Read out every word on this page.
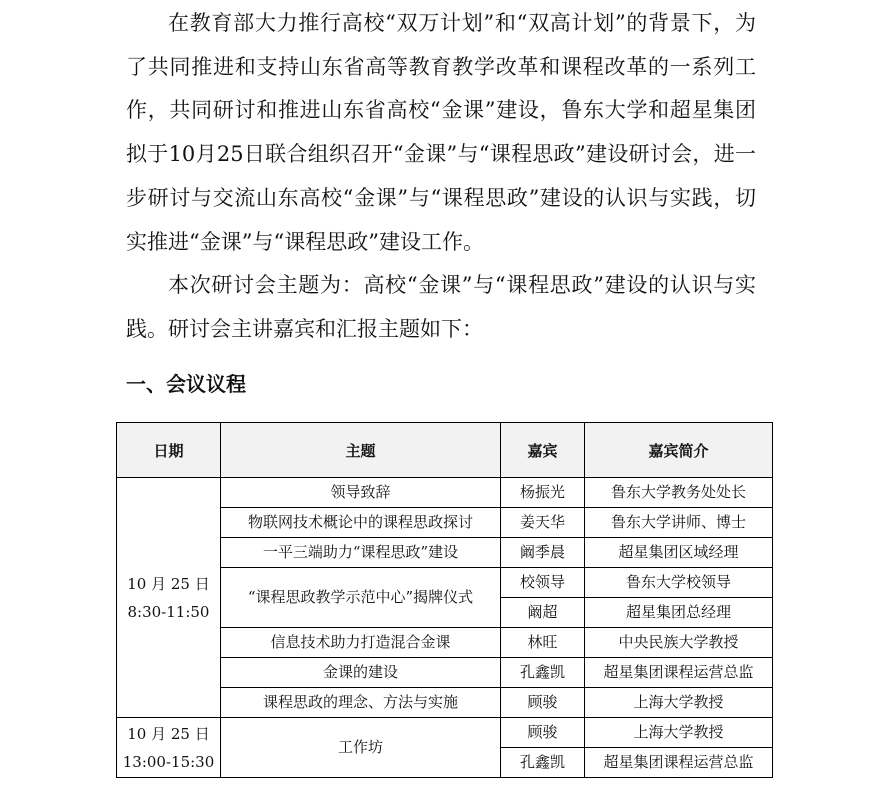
在教育部大力推行高校“双万计划”和“双高计划”的背景下，为了共同推进和支持山东省高等教育教学改革和课程改革的一系列工作，共同研讨和推进山东省高校“金课”建设，鲁东大学和超星集团拟于10月25日联合组织召开“金课”与“课程思政”建设研讨会，进一步研讨与交流山东高校“金课”与“课程思政”建设的认识与实践，切实推进“金课”与“课程思政”建设工作。

本次研讨会主题为：高校“金课”与“课程思政”建设的认识与实践。研讨会主讲嘉宾和汇报主题如下：

一、会议议程
日期	主题	嘉宾	嘉宾简介

10 月 25 日
8:30-11:50	领导致辞	杨振光	鲁东大学教务处处长
	物联网技术概论中的课程思政探讨	姜天华	鲁东大学讲师、博士
	一平三端助力“课程思政”建设	阚季晨	超星集团区域经理
	“课程思政教学示范中心”揭牌仪式	校领导	鲁东大学校领导
		阚超	超星集团总经理
	信息技术助力打造混合金课	林旺	中央民族大学教授
	金课的建设	孔鑫凯	超星集团课程运营总监
	课程思政的理念、方法与实施	顾骏	上海大学教授

10 月 25 日
13:00-15:30	工作坊	顾骏	上海大学教授
		孔鑫凯	超星集团课程运营总监
